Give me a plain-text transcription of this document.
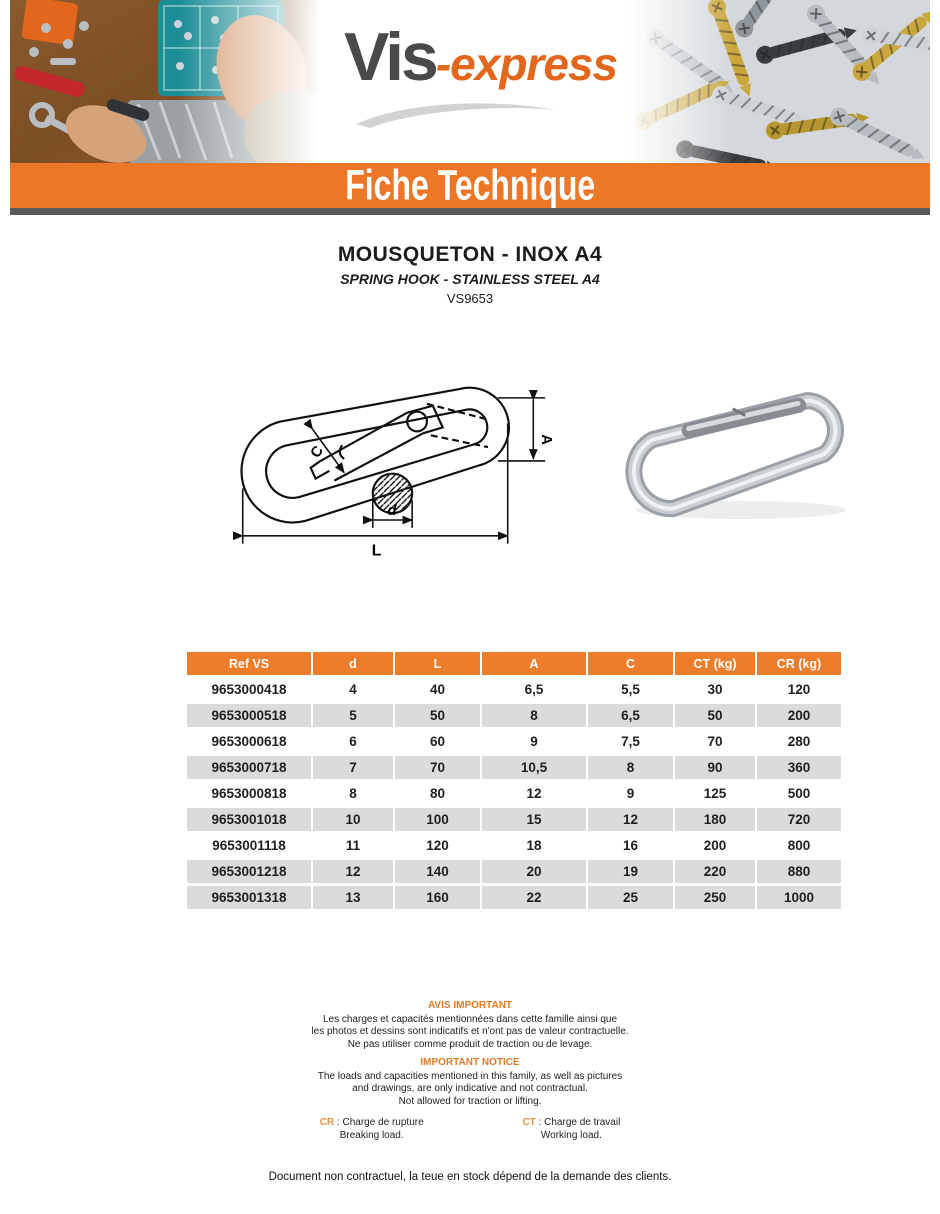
Vis-express
Fiche Technique

MOUSQUETON - INOX A4

SPRING HOOK - STAINLESS STEEL A4

VS9653

C
A
d
L
Ref VS	d	L	A	C	CT (kg)	CR (kg)
9653000418	4	40	6,5	5,5	30	120
9653000518	5	50	8	6,5	50	200
9653000618	6	60	9	7,5	70	280
9653000718	7	70	10,5	8	90	360
9653000818	8	80	12	9	125	500
9653001018	10	100	15	12	180	720
9653001118	11	120	18	16	200	800
9653001218	12	140	20	19	220	880
9653001318	13	160	22	25	250	1000
AVIS IMPORTANT
Les charges et capacités mentionnées dans cette famille ainsi que
les photos et dessins sont indicatifs et n'ont pas de valeur contractuelle.
Ne pas utiliser comme produit de traction ou de levage.
IMPORTANT NOTICE
The loads and capacities mentioned in this family, as well as pictures
and drawings, are only indicative and not contractual.
Not allowed for traction or lifting.
CR : Charge de rupture
Breaking load.

CT : Charge de travail
Working load.
Document non contractuel, la teue en stock dépend de la demande des clients.
